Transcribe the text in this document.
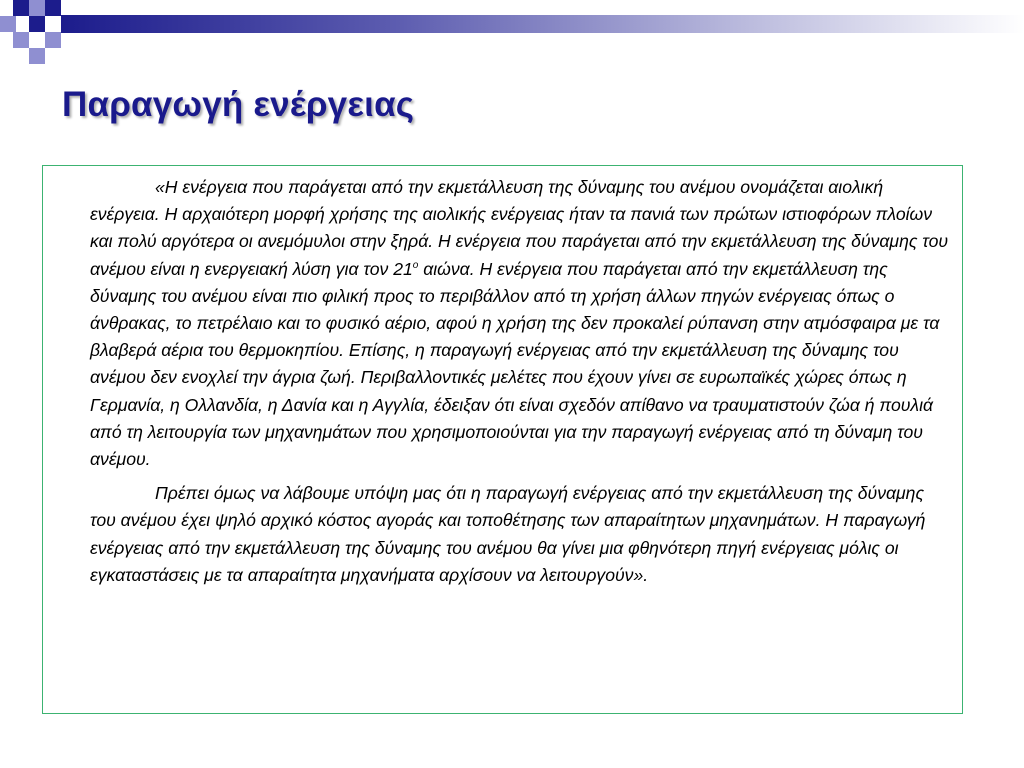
Παραγωγή ενέργειας

«Η ενέργεια που παράγεται από την εκμετάλλευση της δύναμης του ανέμου ονομάζεται αιολική ενέργεια. Η αρχαιότερη μορφή χρήσης της αιολικής ενέργειας ήταν τα πανιά των πρώτων ιστιοφόρων πλοίων και πολύ αργότερα οι ανεμόμυλοι στην ξηρά. Η ενέργεια που παράγεται από την εκμετάλλευση της δύναμης του ανέμου είναι η ενεργειακή λύση για τον $21^o$ αιώνα. Η ενέργεια που παράγεται από την εκμετάλλευση της δύναμης του ανέμου είναι πιο φιλική προς το περιβάλλον από τη χρήση άλλων πηγών ενέργειας όπως ο άνθρακας, το πετρέλαιο και το φυσικό αέριο, αφού η χρήση της δεν προκαλεί ρύπανση στην ατμόσφαιρα με τα βλαβερά αέρια του θερμοκηπίου. Επίσης, η παραγωγή ενέργειας από την εκμετάλλευση της δύναμης του ανέμου δεν ενοχλεί την άγρια ζωή. Περιβαλλοντικές μελέτες που έχουν γίνει σε ευρωπαϊκές χώρες όπως η Γερμανία, η Ολλανδία, η Δανία και η Αγγλία, έδειξαν ότι είναι σχεδόν απίθανο να τραυματιστούν ζώα ή πουλιά από τη λειτουργία των μηχανημάτων που χρησιμοποιούνται για την παραγωγή ενέργειας από τη δύναμη του ανέμου.

Πρέπει όμως να λάβουμε υπόψη μας ότι η παραγωγή ενέργειας από την εκμετάλλευση της δύναμης του ανέμου έχει ψηλό αρχικό κόστος αγοράς και τοποθέτησης των απαραίτητων μηχανημάτων. Η παραγωγή ενέργειας από την εκμετάλλευση της δύναμης του ανέμου θα γίνει μια φθηνότερη πηγή ενέργειας μόλις οι εγκαταστάσεις με τα απαραίτητα μηχανήματα αρχίσουν να λειτουργούν».
